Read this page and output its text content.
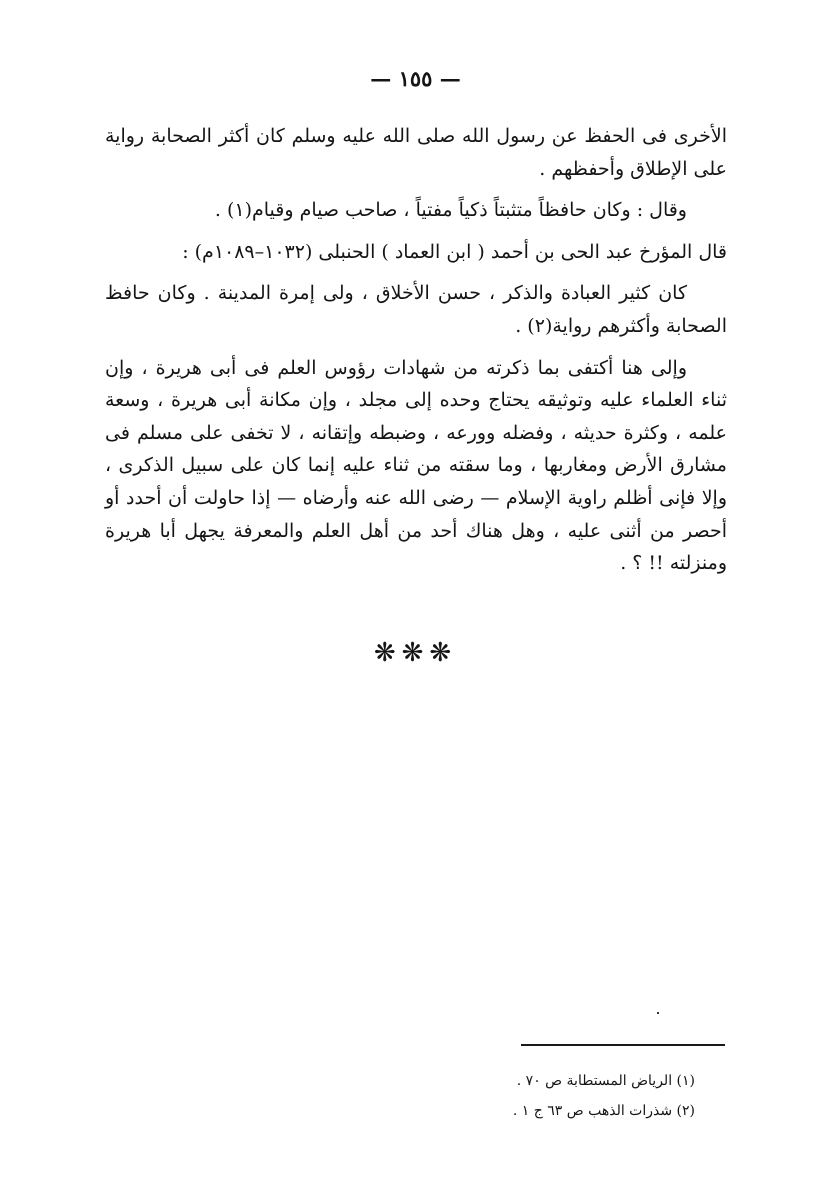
— ١٥٥ —

الأخرى فى الحفظ عن رسول الله صلى الله عليه وسلم كان أكثر الصحابة رواية على الإطلاق وأحفظهم .

وقال : وكان حافظاً متثبتاً ذكياً مفتياً ، صاحب صيام وقيام(١) .

قال المؤرخ عبد الحى بن أحمد ( ابن العماد ) الحنبلى (١٠٣٢–١٠٨٩م) :

كان كثير العبادة والذكر ، حسن الأخلاق ، ولى إمرة المدينة . وكان حافظ الصحابة وأكثرهم رواية(٢) .

وإلى هنا أكتفى بما ذكرته من شهادات رؤوس العلم فى أبى هريرة ، وإن ثناء العلماء عليه وتوثيقه يحتاج وحده إلى مجلد ، وإن مكانة أبى هريرة ، وسعة علمه ، وكثرة حديثه ، وفضله وورعه ، وضبطه وإتقانه ، لا تخفى على مسلم فى مشارق الأرض ومغاربها ، وما سقته من ثناء عليه إنما كان على سبيل الذكرى ، وإلا فإنى أظلم راوية الإسلام — رضى الله عنه وأرضاه — إذا حاولت أن أحدد أو أحصر من أثنى عليه ، وهل هناك أحد من أهل العلم والمعرفة يجهل أبا هريرة ومنزلته !! ؟ .

❋❋❋

(١) الرياض المستطابة ص ٧٠ .

(٢) شذرات الذهب ص ٦٣ ج ١ .
